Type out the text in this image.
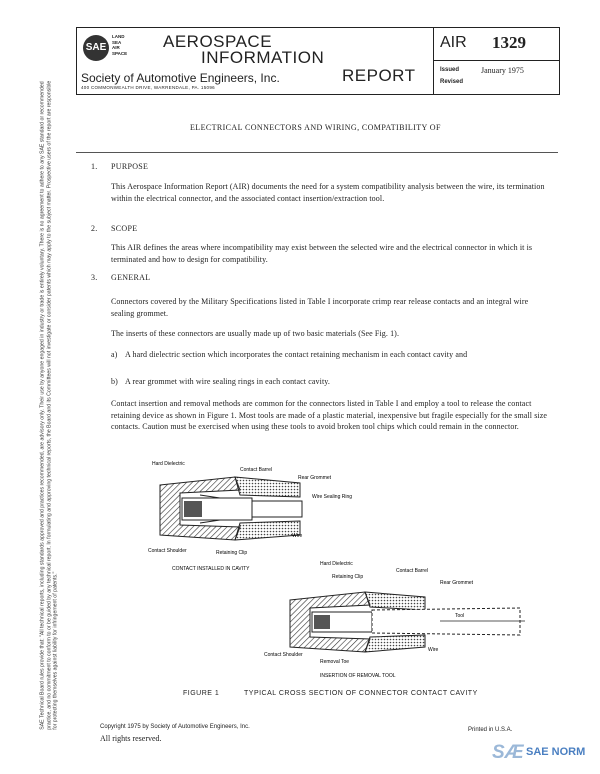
SAE
LAND
SEA
AIR
SPACE
AEROSPACE
INFORMATION
REPORT
Society of Automotive Engineers, Inc.
400 COMMONWEALTH DRIVE, WARRENDALE, PA. 15096
AIR 1329
Issued	January 1975
Revised
SAE Technical Board rules provide that: "All technical reports, including standards approved and practices recommended, are advisory only. Their use by anyone engaged in industry or trade is entirely voluntary. There is no agreement to adhere to any SAE standard or recommended practice, and no commitment to conform to or be guided by any technical report. In formulating and approving technical reports, the Board and its Committees will not investigate or consider patents which may apply to the subject matter. Prospective users of the report are responsible for protecting themselves against liability for infringement of patents."
ELECTRICAL CONNECTORS AND WIRING, COMPATIBILITY OF
1. PURPOSE
This Aerospace Information Report (AIR) documents the need for a system compatibility analysis between the wire, its termination within the electrical connector, and the associated contact insertion/extraction tool.
2. SCOPE
This AIR defines the areas where incompatibility may exist between the selected wire and the electrical connector in which it is terminated and how to design for compatibility.
3. GENERAL
Connectors covered by the Military Specifications listed in Table I incorporate crimp rear release contacts and an integral wire sealing grommet.
The inserts of these connectors are usually made up of two basic materials (See Fig. 1).
a) A hard dielectric section which incorporates the contact retaining mechanism in each contact cavity and
b) A rear grommet with wire sealing rings in each contact cavity.
Contact insertion and removal methods are common for the connectors listed in Table I and employ a tool to release the contact retaining device as shown in Figure 1. Most tools are made of a plastic material, inexpensive but fragile especially for the small size contacts. Caution must be exercised when using these tools to avoid broken tool chips which could remain in the connector.
Hard Dielectric
Contact Barrel
Rear Grommet
Wire Sealing Ring
Wire
Contact Shoulder	Retaining Clip
CONTACT INSTALLED IN CAVITY
Hard Dielectric
Retaining Clip
Contact Barrel
Rear Grommet
Tool
Wire
Contact Shoulder
Removal Toe
INSERTION OF REMOVAL TOOL
FIGURE 1	TYPICAL CROSS SECTION OF CONNECTOR CONTACT CAVITY
Copyright 1975 by Society of Automotive Engineers, Inc.
All rights reserved.
Printed in U.S.A.
SÆ SAE NORM
